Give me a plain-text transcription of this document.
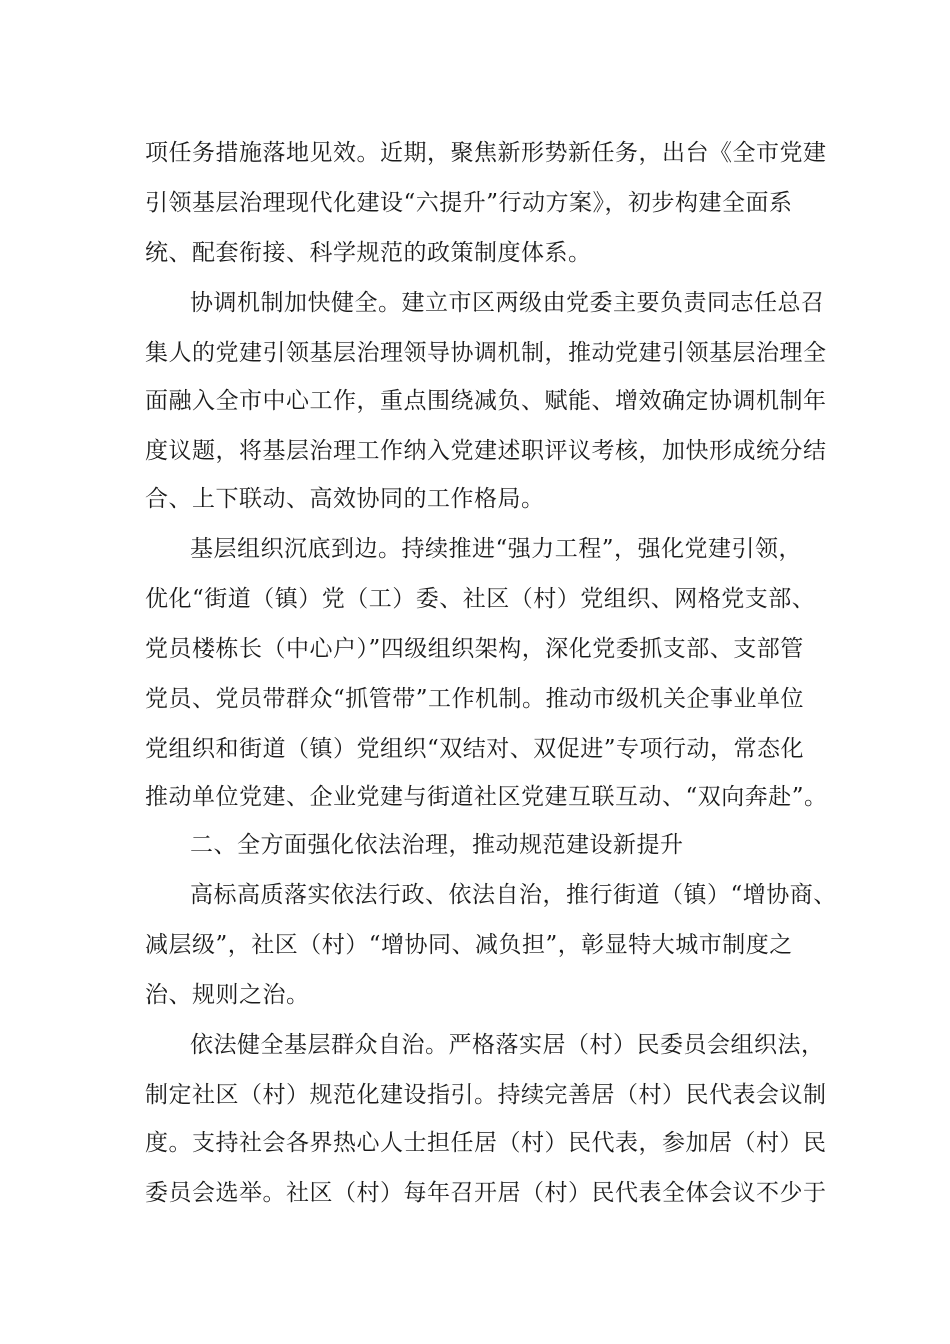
项任务措施落地见效。近期，聚焦新形势新任务，出台《全市党建
引领基层治理现代化建设“六提升”行动方案》，初步构建全面系
统、配套衔接、科学规范的政策制度体系。
协调机制加快健全。建立市区两级由党委主要负责同志任总召
集人的党建引领基层治理领导协调机制，推动党建引领基层治理全
面融入全市中心工作，重点围绕减负、赋能、增效确定协调机制年
度议题，将基层治理工作纳入党建述职评议考核，加快形成统分结
合、上下联动、高效协同的工作格局。
基层组织沉底到边。持续推进“强力工程”，强化党建引领，
优化“街道（镇）党（工）委、社区（村）党组织、网格党支部、
党员楼栋长（中心户）”四级组织架构，深化党委抓支部、支部管
党员、党员带群众“抓管带”工作机制。推动市级机关企事业单位
党组织和街道（镇）党组织“双结对、双促进”专项行动，常态化
推动单位党建、企业党建与街道社区党建互联互动、“双向奔赴”。
二、全方面强化依法治理，推动规范建设新提升
高标高质落实依法行政、依法自治，推行街道（镇）“增协商、
减层级”，社区（村）“增协同、减负担”，彰显特大城市制度之
治、规则之治。
依法健全基层群众自治。严格落实居（村）民委员会组织法，
制定社区（村）规范化建设指引。持续完善居（村）民代表会议制
度。支持社会各界热心人士担任居（村）民代表，参加居（村）民
委员会选举。社区（村）每年召开居（村）民代表全体会议不少于
